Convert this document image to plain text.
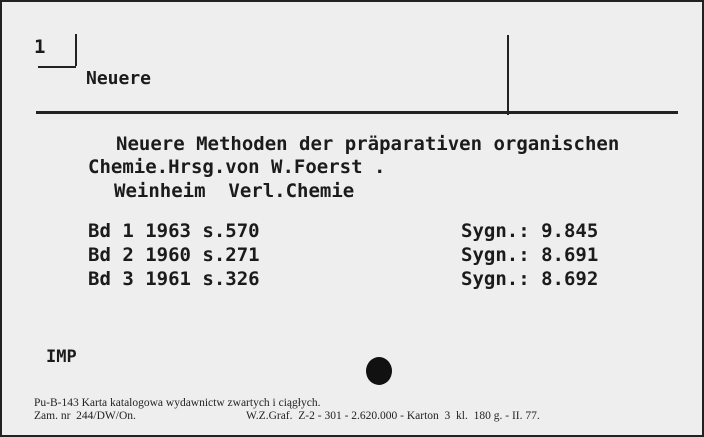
1
Neuere
Neuere Methoden der präparativen organischen
Chemie.Hrsg.von W.Foerst .
Weinheim  Verl.Chemie
Bd 1 1963 s.570	Sygn.: 9.845
Bd 2 1960 s.271	Sygn.: 8.691
Bd 3 1961 s.326	Sygn.: 8.692
IMP
Pu-B-143 Karta katalogowa wydawnictw zwartych i ciągłych.
Zam. nr  244/DW/On.	W.Z.Graf.  Z-2 - 301 - 2.620.000 - Karton  3  kl.  180 g. - II. 77.
